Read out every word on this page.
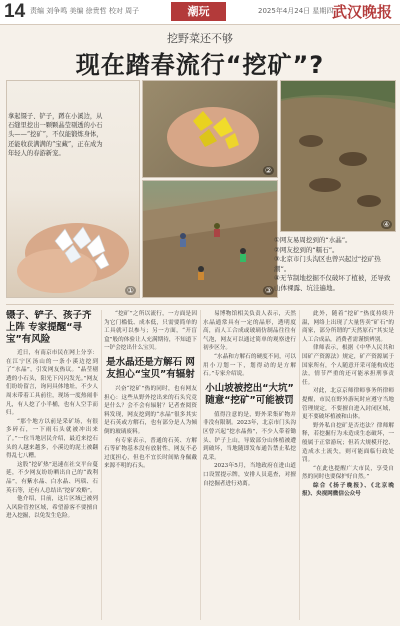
14 责编 刘争鸣 美编 徐贵哲 校对 周子	潮玩	2025年4月24日 星期四
武汉晚报
挖野菜还不够
现在踏春流行“挖矿”?
①
②
③
④
拿起镊子、铲子，蹲在小溪边，从石缝里挖出一颗颗晶莹剔透的小石头——“挖矿”，不仅能锻炼身体，还能收获满满的“宝藏”，正在成为年轻人的春游新宠。
①网友易周挖到的“水晶”。
②网友挖到的“糯石”。
③北京市门头沟区也曾兴起过“挖矿热潮”。
④无节制地挖掘不仅破坏了植被，还导致山体裸露、坑洼遍地。
镊子、铲子、孩子齐上阵 专家提醒“寻宝”有风险

近日，有南京市民在网上分享：在江宁区汤山的一条小溪边挖到了“水晶”，引发网友热议。“晶莹剔透的小石头，阳光下闪闪发光。”网友们纷纷留言，询问具体地址，不少人周末带着工具前往，现场一度热闹非凡，有人挖了小半桶，也有人空手而归。

“那个地方以前是采矿场，有很多碎石，一下雨石头就被冲出来了。”一位当地居民介绍，最近来挖石头的人越来越多，小溪边的泥土被翻得乱七八糟。

这股“挖矿热”迅速在社交平台蔓延，不少网友纷纷晒出自己的“战利品”，有紫水晶、白水晶、玛瑙、石英石等，还有人总结出“挖矿攻略”。

他介绍，目前，这片区域已被列入风险管控区域，希望游客不要擅自进入挖掘，以免发生危险。

“挖矿”之所以流行，一方面是因为它门槛低、成本低，只需要简单的工具就可以参与；另一方面，“开盲盒”般的体验让人充满期待，不知道下一铲会挖出什么宝贝。

是水晶还是方解石 网友担心“宝贝”有辐射

兴奋“挖矿”热的同时，也有网友担心：这些从野外挖出来的石头究竟是什么？会不会有辐射？记者查阅资料发现，网友挖到的“水晶”很多其实是石英或方解石，也有部分是人为倾倒的玻璃废料。

有专家表示，普通的石英、方解石等矿物基本没有放射性，网友不必过度担心，但也不宜长时间贴身佩戴来源不明的石头。

易博物馆相关负责人表示，天然水晶通常具有一定的晶形，透明度高，而人工合成或玻璃仿制品往往有气泡，网友可以通过简单的观察进行初步区分。

“水晶和方解石的硬度不同，可以用小刀划一下，划得动的是方解石。”专家介绍说。

小山坡被挖出“大坑” 随意“挖矿”可能被罚

值得注意的是，野外采集矿物并非没有限制。2023年，北京市门头沟区曾兴起“挖水晶热”，不少人带着锄头、铲子上山，导致部分山体植被遭到破坏，当地随即发布通告禁止私挖乱采。

2023年5月，当地政府在进山道口设置提示牌，安排人员巡查，对擅自挖掘者进行劝离。

此外，随着“挖矿”热度持续升温，网络上出现了大量售卖“矿石”的商家，部分所谓的“天然原石”其实是人工合成品，消费者需谨慎辨别。

律师表示，根据《中华人民共和国矿产资源法》规定，矿产资源属于国家所有，个人随意开采可能构成违法，情节严重的还可能承担刑事责任。

对此，北京京师律师事务所律师提醒，市民在野外游玩时应遵守当地管理规定，不要擅自进入封闭区域，更不要破坏植被和山体。

野外私自挖矿是否违法？律师解释，若挖掘行为未造成生态破坏，一般属于正常游玩；但若大规模开挖、造成水土流失，则可能面临行政处罚。

“在此也提醒广大市民，享受自然的同时也要保护好自然。”

综合《扬子晚报》、《北京晚报》、央视网微信公众号
